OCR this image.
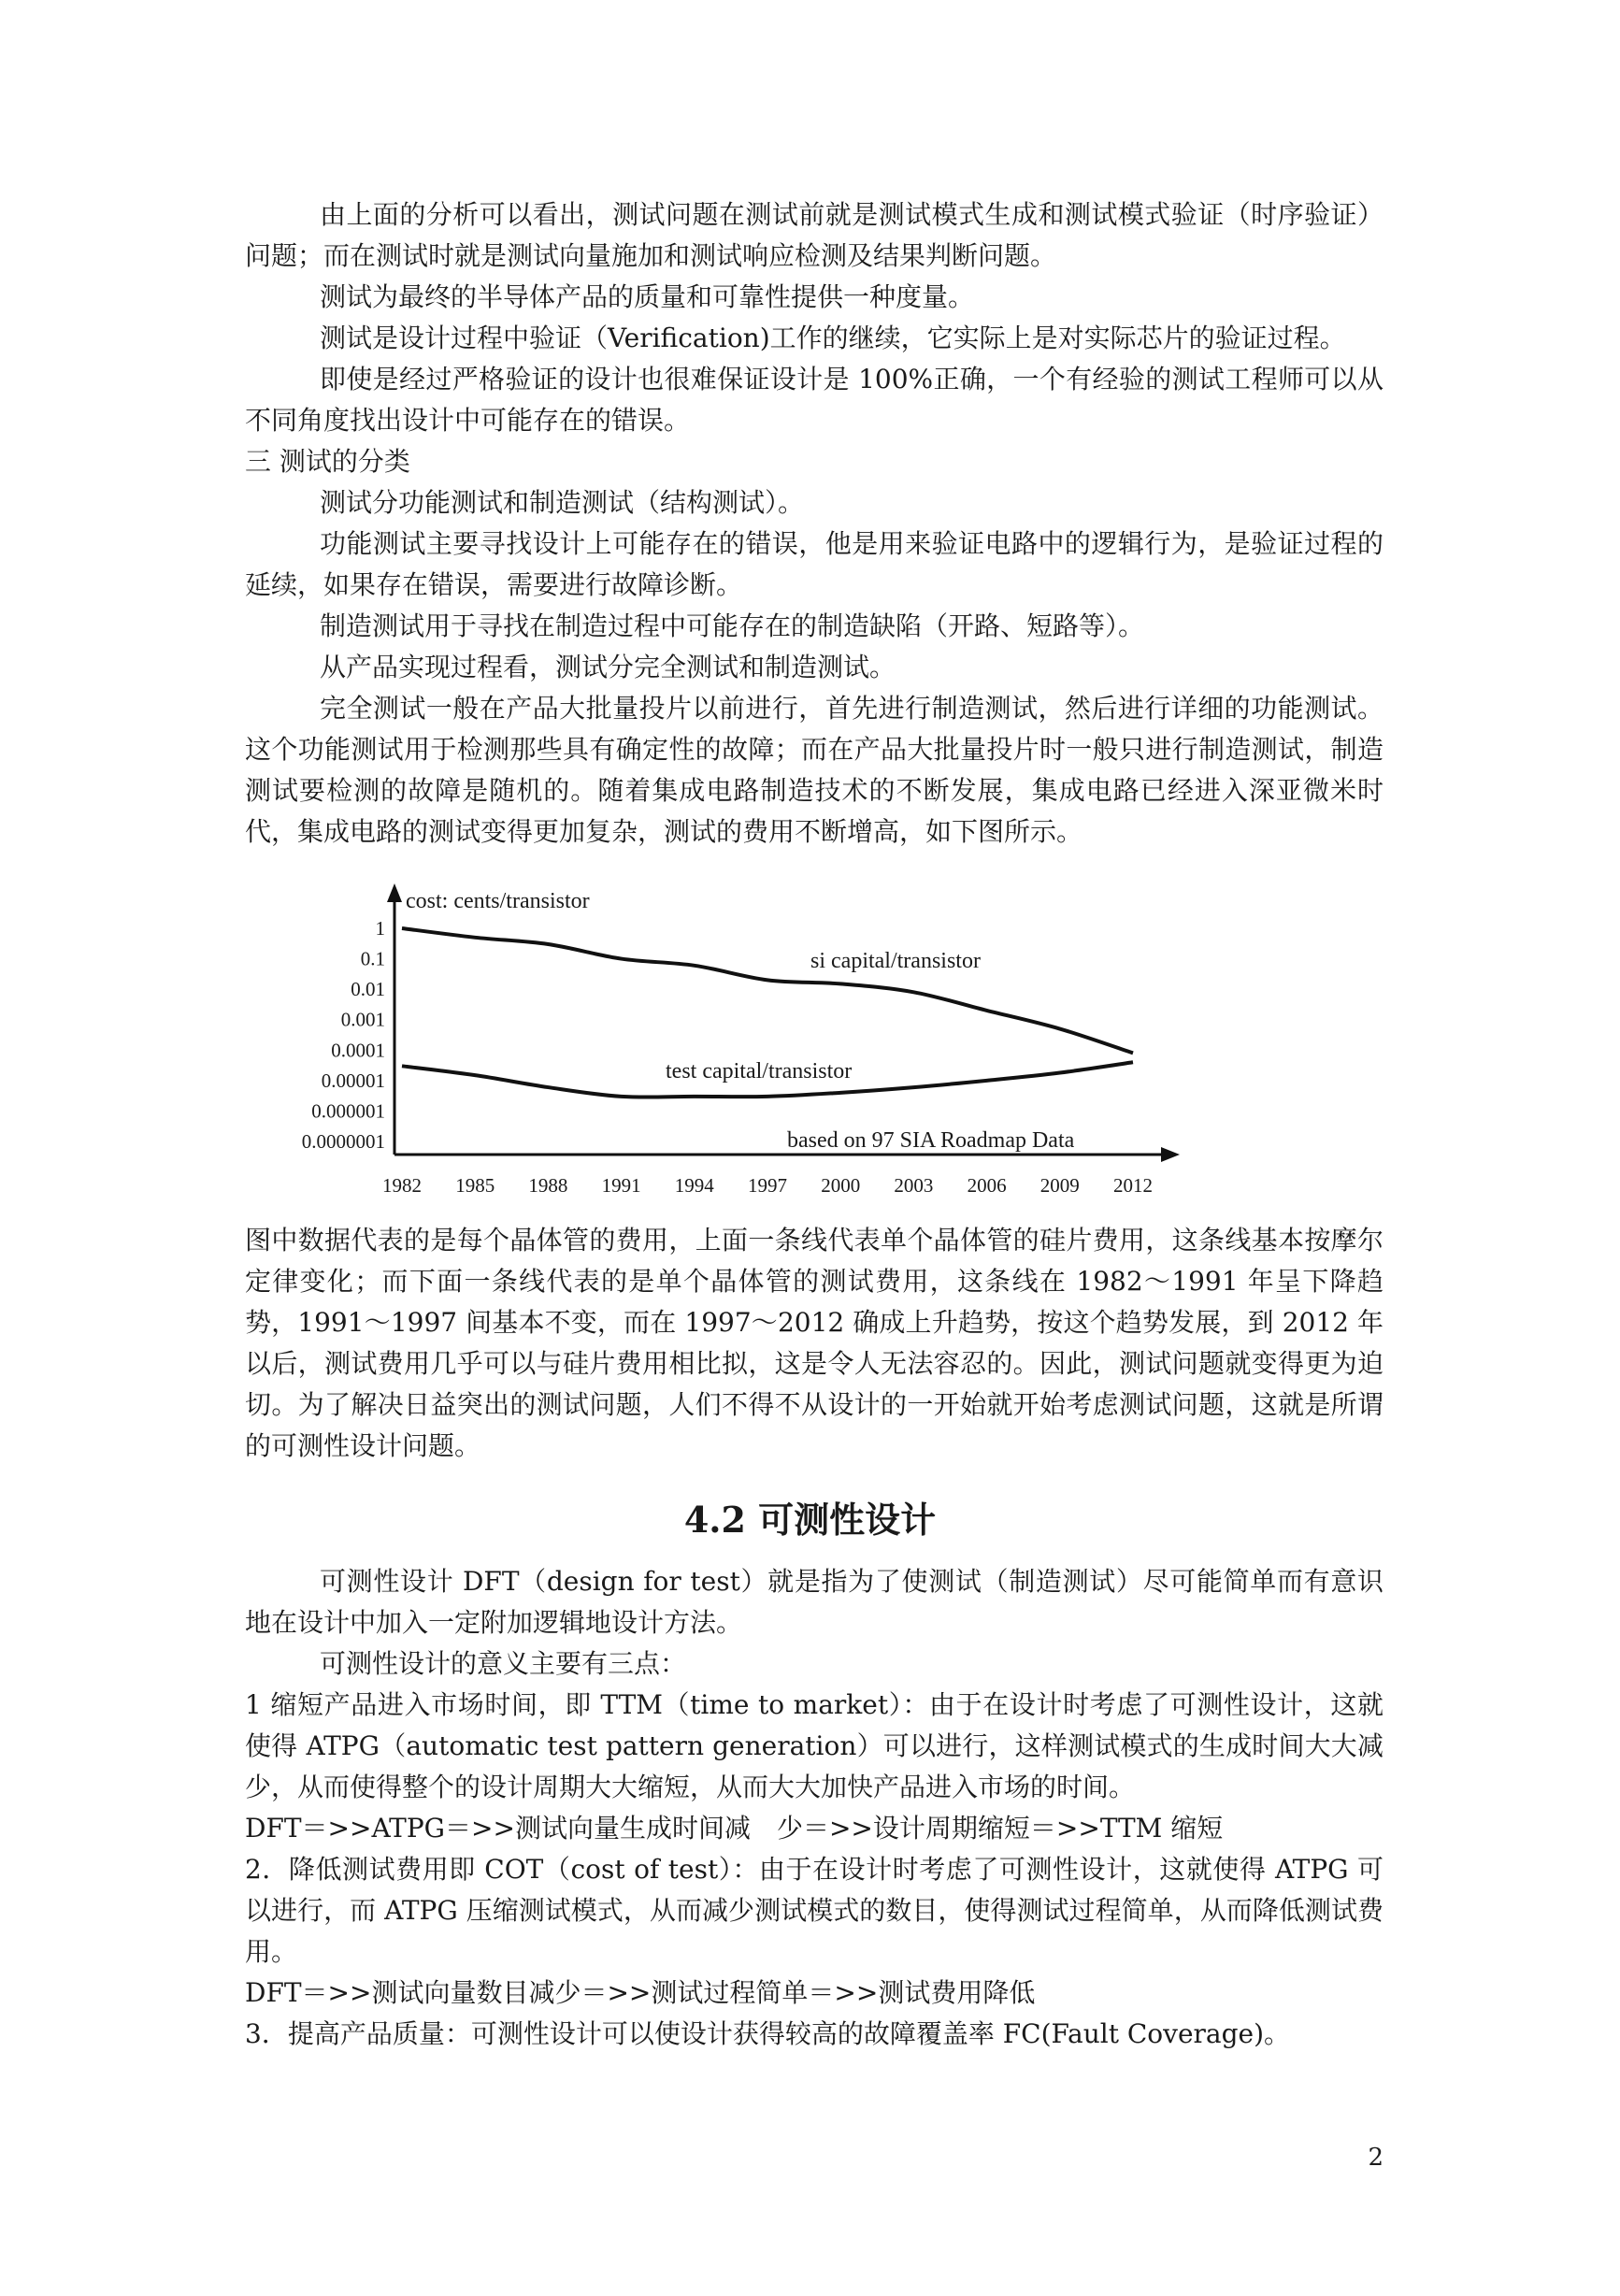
由上面的分析可以看出，测试问题在测试前就是测试模式生成和测试模式验证（时序验证）问题；而在测试时就是测试向量施加和测试响应检测及结果判断问题。

测试为最终的半导体产品的质量和可靠性提供一种度量。

测试是设计过程中验证（Verification)工作的继续，它实际上是对实际芯片的验证过程。

即使是经过严格验证的设计也很难保证设计是 100%正确，一个有经验的测试工程师可以从不同角度找出设计中可能存在的错误。

三 测试的分类

测试分功能测试和制造测试（结构测试）。

功能测试主要寻找设计上可能存在的错误，他是用来验证电路中的逻辑行为，是验证过程的延续，如果存在错误，需要进行故障诊断。

制造测试用于寻找在制造过程中可能存在的制造缺陷（开路、短路等）。

从产品实现过程看，测试分完全测试和制造测试。

完全测试一般在产品大批量投片以前进行，首先进行制造测试，然后进行详细的功能测试。这个功能测试用于检测那些具有确定性的故障；而在产品大批量投片时一般只进行制造测试，制造测试要检测的故障是随机的。随着集成电路制造技术的不断发展，集成电路已经进入深亚微米时代，集成电路的测试变得更加复杂，测试的费用不断增高，如下图所示。

1
0.1
0.01
0.001
0.0001
0.00001
0.000001
0.0000001
1982 1985 1988 1991 1994 1997 2000 2003 2006 2009 2012
si capital/transistor
test capital/transistor
cost: cents/transistor
based on 97 SIA Roadmap Data

图中数据代表的是每个晶体管的费用，上面一条线代表单个晶体管的硅片费用，这条线基本按摩尔定律变化；而下面一条线代表的是单个晶体管的测试费用，这条线在 1982～1991 年呈下降趋势，1991～1997 间基本不变，而在 1997～2012 确成上升趋势，按这个趋势发展，到 2012 年以后，测试费用几乎可以与硅片费用相比拟，这是令人无法容忍的。因此，测试问题就变得更为迫切。为了解决日益突出的测试问题，人们不得不从设计的一开始就开始考虑测试问题，这就是所谓的可测性设计问题。

4.2 可测性设计

可测性设计 DFT（design for test）就是指为了使测试（制造测试）尽可能简单而有意识地在设计中加入一定附加逻辑地设计方法。

可测性设计的意义主要有三点：

1 缩短产品进入市场时间，即 TTM（time to market）：由于在设计时考虑了可测性设计，这就使得 ATPG（automatic test pattern generation）可以进行，这样测试模式的生成时间大大减少，从而使得整个的设计周期大大缩短，从而大大加快产品进入市场的时间。

DFT＝>>ATPG＝>>测试向量生成时间减　少＝>>设计周期缩短＝>>TTM 缩短

2．降低测试费用即 COT（cost of test）：由于在设计时考虑了可测性设计，这就使得 ATPG 可以进行，而 ATPG 压缩测试模式，从而减少测试模式的数目，使得测试过程简单，从而降低测试费用。

DFT＝>>测试向量数目减少＝>>测试过程简单＝>>测试费用降低

3．提高产品质量：可测性设计可以使设计获得较高的故障覆盖率 FC(Fault Coverage)。

2
